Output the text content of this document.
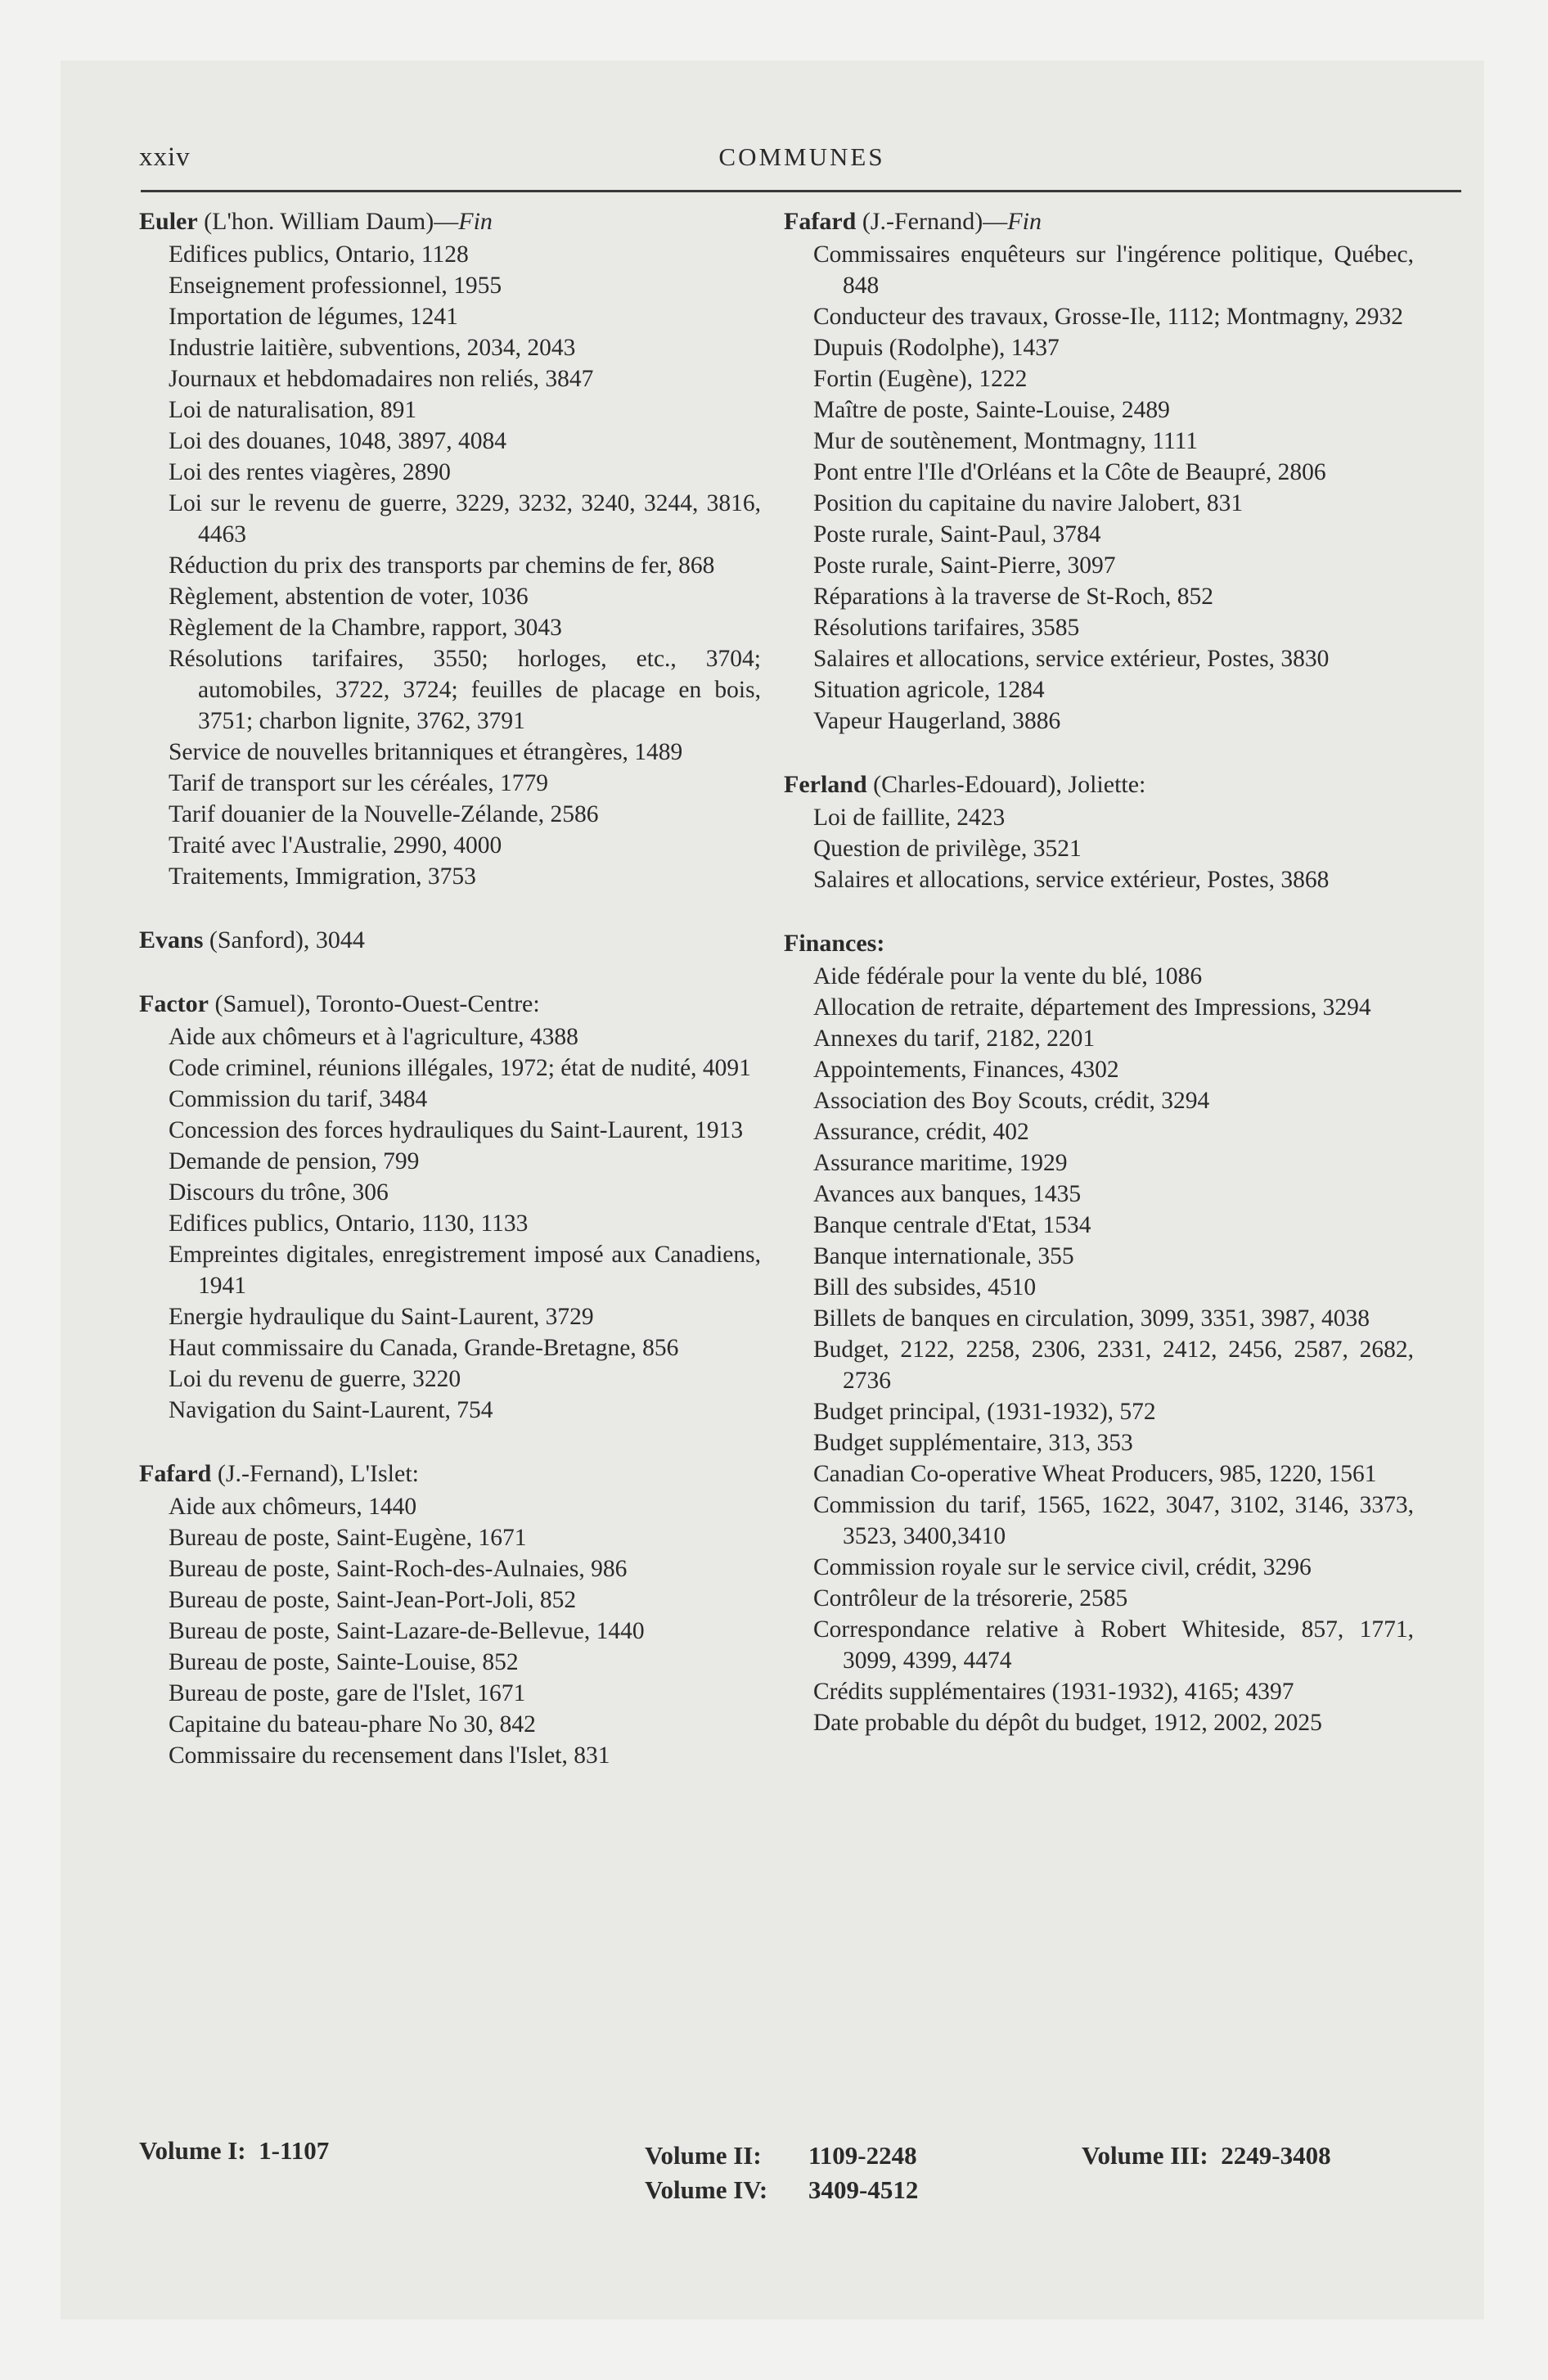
xxiv	COMMUNES
Euler (L'hon. William Daum)—Fin

Edifices publics, Ontario, 1128

Enseignement professionnel, 1955

Importation de légumes, 1241

Industrie laitière, subventions, 2034, 2043

Journaux et hebdomadaires non reliés, 3847

Loi de naturalisation, 891

Loi des douanes, 1048, 3897, 4084

Loi des rentes viagères, 2890

Loi sur le revenu de guerre, 3229, 3232, 3240, 3244, 3816, 4463

Réduction du prix des transports par chemins de fer, 868

Règlement, abstention de voter, 1036

Règlement de la Chambre, rapport, 3043

Résolutions tarifaires, 3550; horloges, etc., 3704; automobiles, 3722, 3724; feuilles de placage en bois, 3751; charbon lignite, 3762, 3791

Service de nouvelles britanniques et étrangères, 1489

Tarif de transport sur les céréales, 1779

Tarif douanier de la Nouvelle-Zélande, 2586

Traité avec l'Australie, 2990, 4000

Traitements, Immigration, 3753

Evans (Sanford), 3044
Factor (Samuel), Toronto-Ouest-Centre:

Aide aux chômeurs et à l'agriculture, 4388

Code criminel, réunions illégales, 1972; état de nudité, 4091

Commission du tarif, 3484

Concession des forces hydrauliques du Saint-Laurent, 1913

Demande de pension, 799

Discours du trône, 306

Edifices publics, Ontario, 1130, 1133

Empreintes digitales, enregistrement imposé aux Canadiens, 1941

Energie hydraulique du Saint-Laurent, 3729

Haut commissaire du Canada, Grande-Bretagne, 856

Loi du revenu de guerre, 3220

Navigation du Saint-Laurent, 754

Fafard (J.-Fernand), L'Islet:

Aide aux chômeurs, 1440

Bureau de poste, Saint-Eugène, 1671

Bureau de poste, Saint-Roch-des-Aulnaies, 986

Bureau de poste, Saint-Jean-Port-Joli, 852

Bureau de poste, Saint-Lazare-de-Bellevue, 1440

Bureau de poste, Sainte-Louise, 852

Bureau de poste, gare de l'Islet, 1671

Capitaine du bateau-phare No 30, 842

Commissaire du recensement dans l'Islet, 831

Fafard (J.-Fernand)—Fin

Commissaires enquêteurs sur l'ingérence politique, Québec, 848

Conducteur des travaux, Grosse-Ile, 1112; Montmagny, 2932

Dupuis (Rodolphe), 1437

Fortin (Eugène), 1222

Maître de poste, Sainte-Louise, 2489

Mur de soutènement, Montmagny, 1111

Pont entre l'Ile d'Orléans et la Côte de Beaupré, 2806

Position du capitaine du navire Jalobert, 831

Poste rurale, Saint-Paul, 3784

Poste rurale, Saint-Pierre, 3097

Réparations à la traverse de St-Roch, 852

Résolutions tarifaires, 3585

Salaires et allocations, service extérieur, Postes, 3830

Situation agricole, 1284

Vapeur Haugerland, 3886

Ferland (Charles-Edouard), Joliette:

Loi de faillite, 2423

Question de privilège, 3521

Salaires et allocations, service extérieur, Postes, 3868

Finances:

Aide fédérale pour la vente du blé, 1086

Allocation de retraite, département des Impressions, 3294

Annexes du tarif, 2182, 2201

Appointements, Finances, 4302

Association des Boy Scouts, crédit, 3294

Assurance, crédit, 402

Assurance maritime, 1929

Avances aux banques, 1435

Banque centrale d'Etat, 1534

Banque internationale, 355

Bill des subsides, 4510

Billets de banques en circulation, 3099, 3351, 3987, 4038

Budget, 2122, 2258, 2306, 2331, 2412, 2456, 2587, 2682, 2736

Budget principal, (1931-1932), 572

Budget supplémentaire, 313, 353

Canadian Co-operative Wheat Producers, 985, 1220, 1561

Commission du tarif, 1565, 1622, 3047, 3102, 3146, 3373, 3523, 3400,3410

Commission royale sur le service civil, crédit, 3296

Contrôleur de la trésorerie, 2585

Correspondance relative à Robert Whiteside, 857, 1771, 3099, 4399, 4474

Crédits supplémentaires (1931-1932), 4165; 4397

Date probable du dépôt du budget, 1912, 2002, 2025

Volume I: 1-1107	Volume II: 1109-2248	Volume III: 2249-3408
Volume IV: 3409-4512
